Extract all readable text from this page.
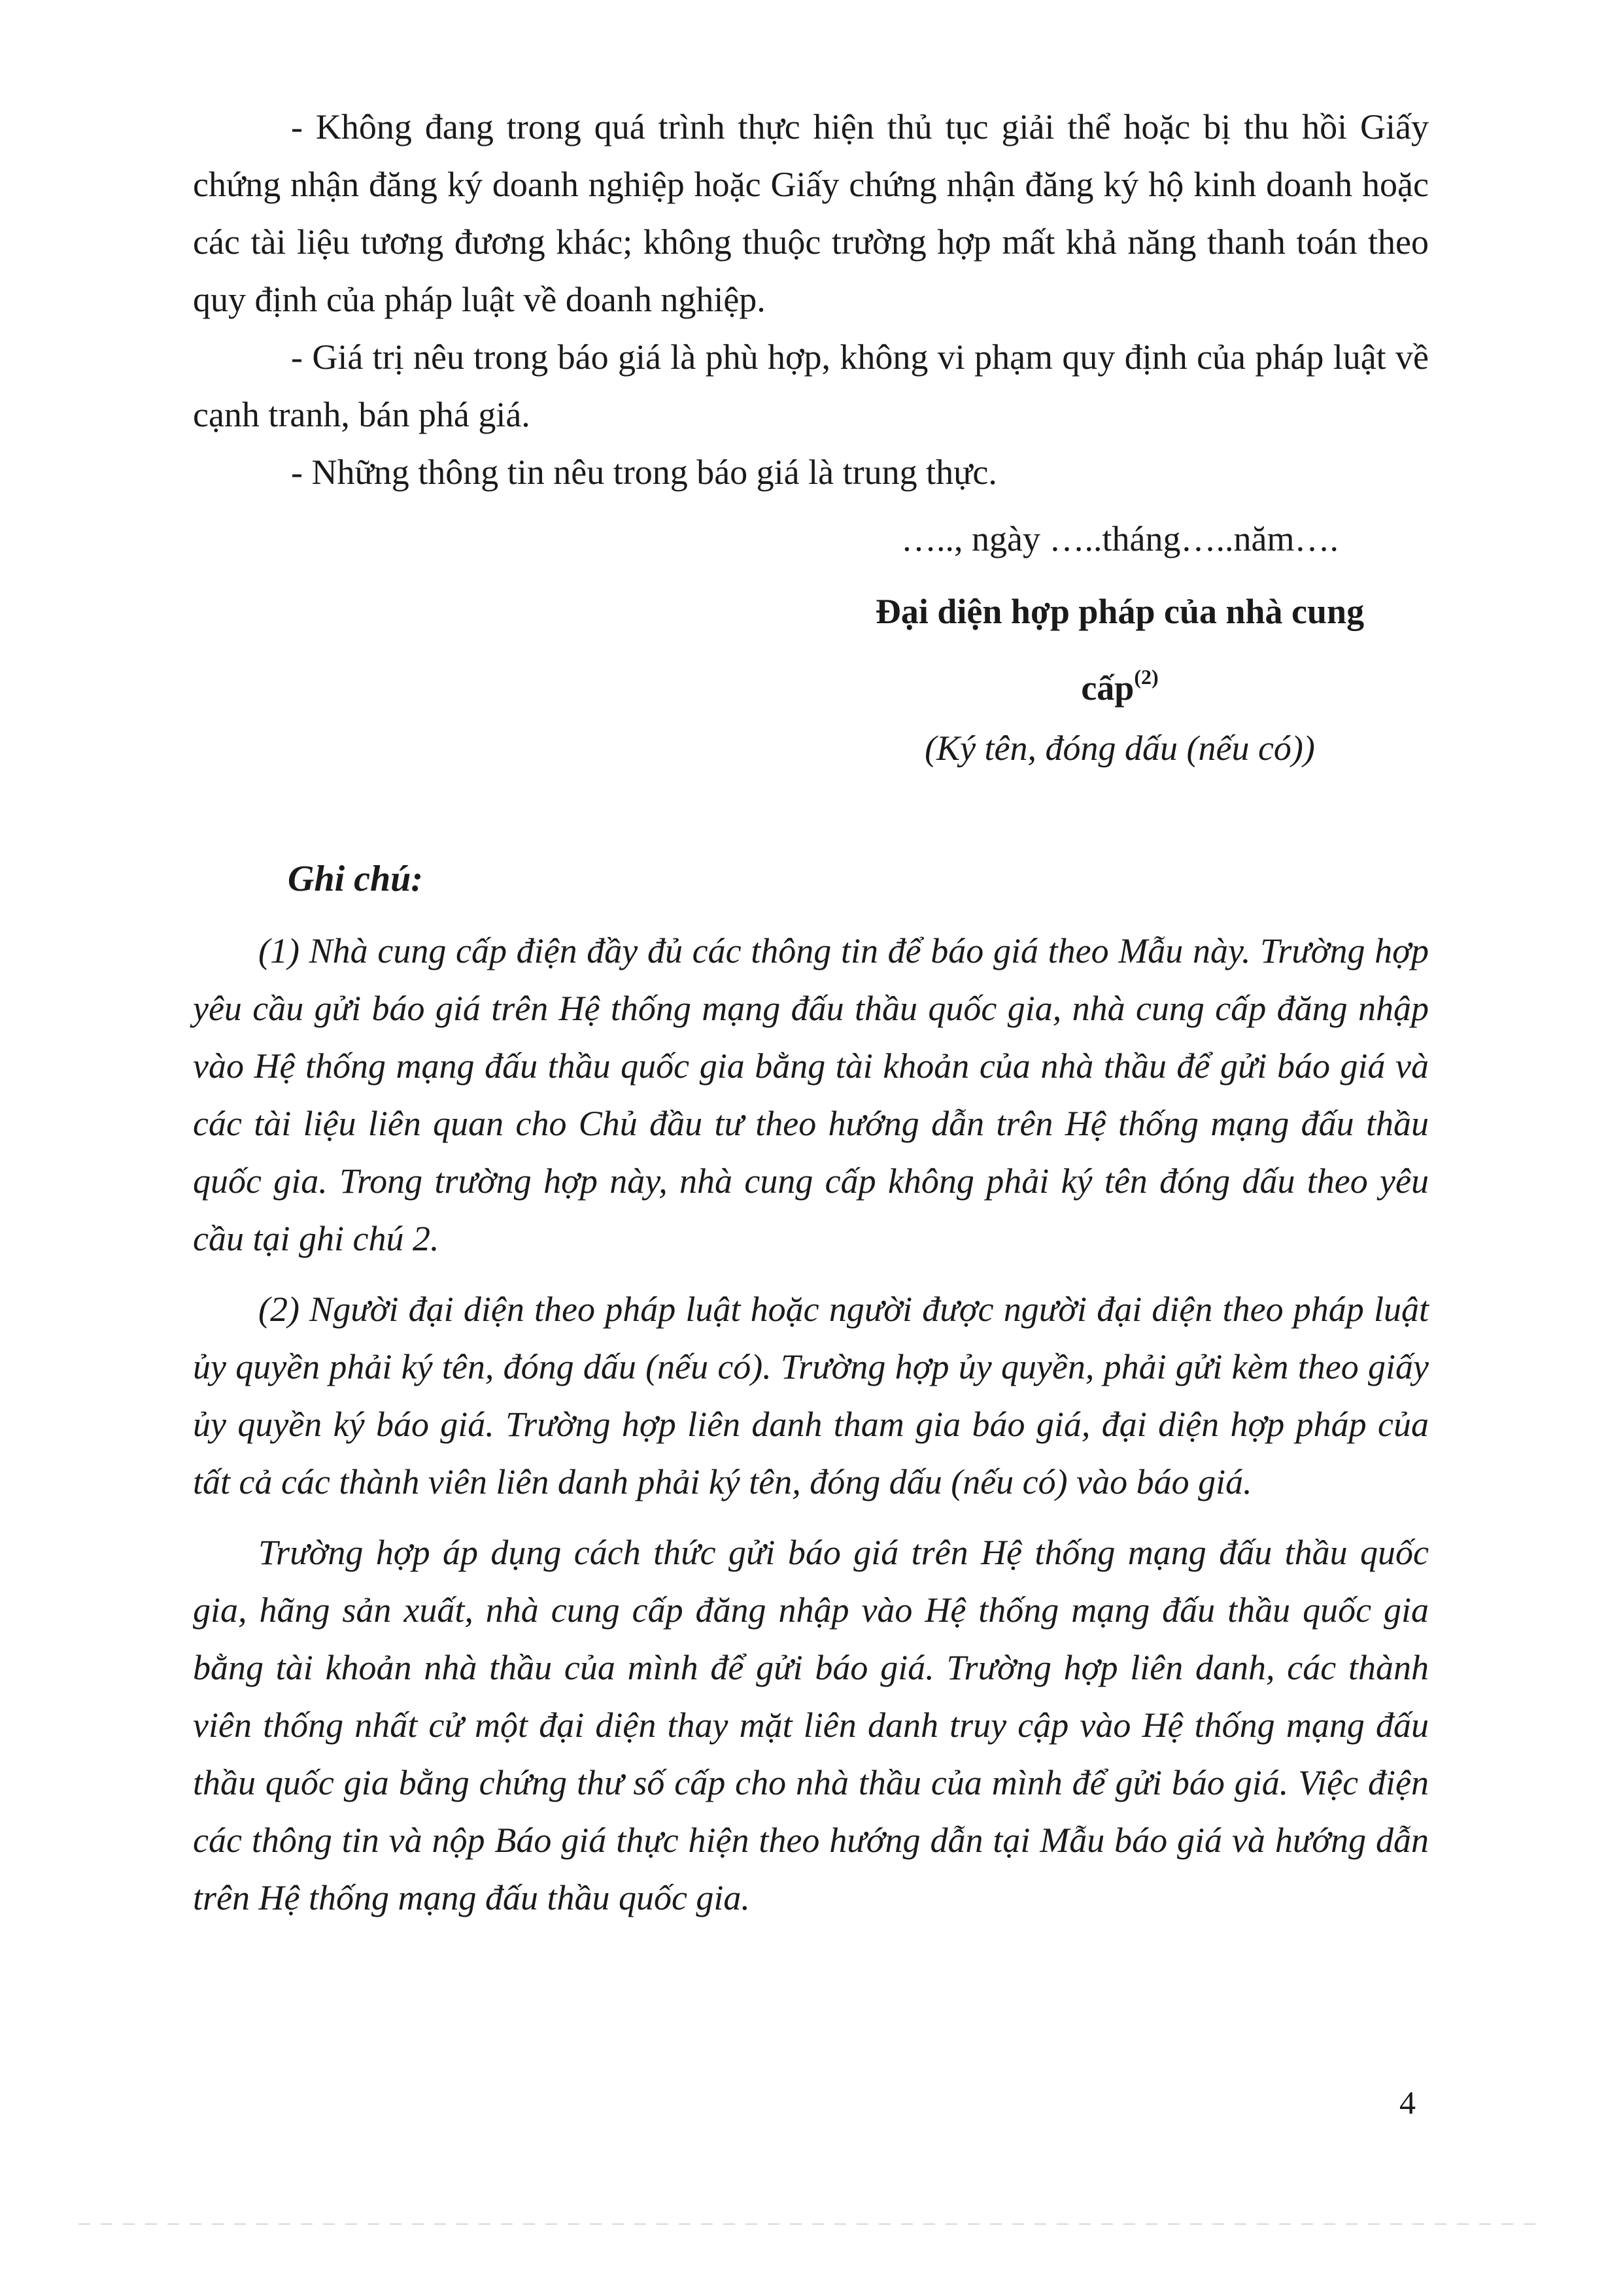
- Không đang trong quá trình thực hiện thủ tục giải thể hoặc bị thu hồi Giấy chứng nhận đăng ký doanh nghiệp hoặc Giấy chứng nhận đăng ký hộ kinh doanh hoặc các tài liệu tương đương khác; không thuộc trường hợp mất khả năng thanh toán theo quy định của pháp luật về doanh nghiệp.

- Giá trị nêu trong báo giá là phù hợp, không vi phạm quy định của pháp luật về cạnh tranh, bán phá giá.

- Những thông tin nêu trong báo giá là trung thực.

….., ngày …..tháng…..năm….
Đại diện hợp pháp của nhà cung cấp$^{(2)}$
(Ký tên, đóng dấu (nếu có))
Ghi chú:

(1) Nhà cung cấp điện đầy đủ các thông tin để báo giá theo Mẫu này. Trường hợp yêu cầu gửi báo giá trên Hệ thống mạng đấu thầu quốc gia, nhà cung cấp đăng nhập vào Hệ thống mạng đấu thầu quốc gia bằng tài khoản của nhà thầu để gửi báo giá và các tài liệu liên quan cho Chủ đầu tư theo hướng dẫn trên Hệ thống mạng đấu thầu quốc gia. Trong trường hợp này, nhà cung cấp không phải ký tên đóng dấu theo yêu cầu tại ghi chú 2.

(2) Người đại diện theo pháp luật hoặc người được người đại diện theo pháp luật ủy quyền phải ký tên, đóng dấu (nếu có). Trường hợp ủy quyền, phải gửi kèm theo giấy ủy quyền ký báo giá. Trường hợp liên danh tham gia báo giá, đại diện hợp pháp của tất cả các thành viên liên danh phải ký tên, đóng dấu (nếu có) vào báo giá.

Trường hợp áp dụng cách thức gửi báo giá trên Hệ thống mạng đấu thầu quốc gia, hãng sản xuất, nhà cung cấp đăng nhập vào Hệ thống mạng đấu thầu quốc gia bằng tài khoản nhà thầu của mình để gửi báo giá. Trường hợp liên danh, các thành viên thống nhất cử một đại diện thay mặt liên danh truy cập vào Hệ thống mạng đấu thầu quốc gia bằng chứng thư số cấp cho nhà thầu của mình để gửi báo giá. Việc điện các thông tin và nộp Báo giá thực hiện theo hướng dẫn tại Mẫu báo giá và hướng dẫn trên Hệ thống mạng đấu thầu quốc gia.

4
